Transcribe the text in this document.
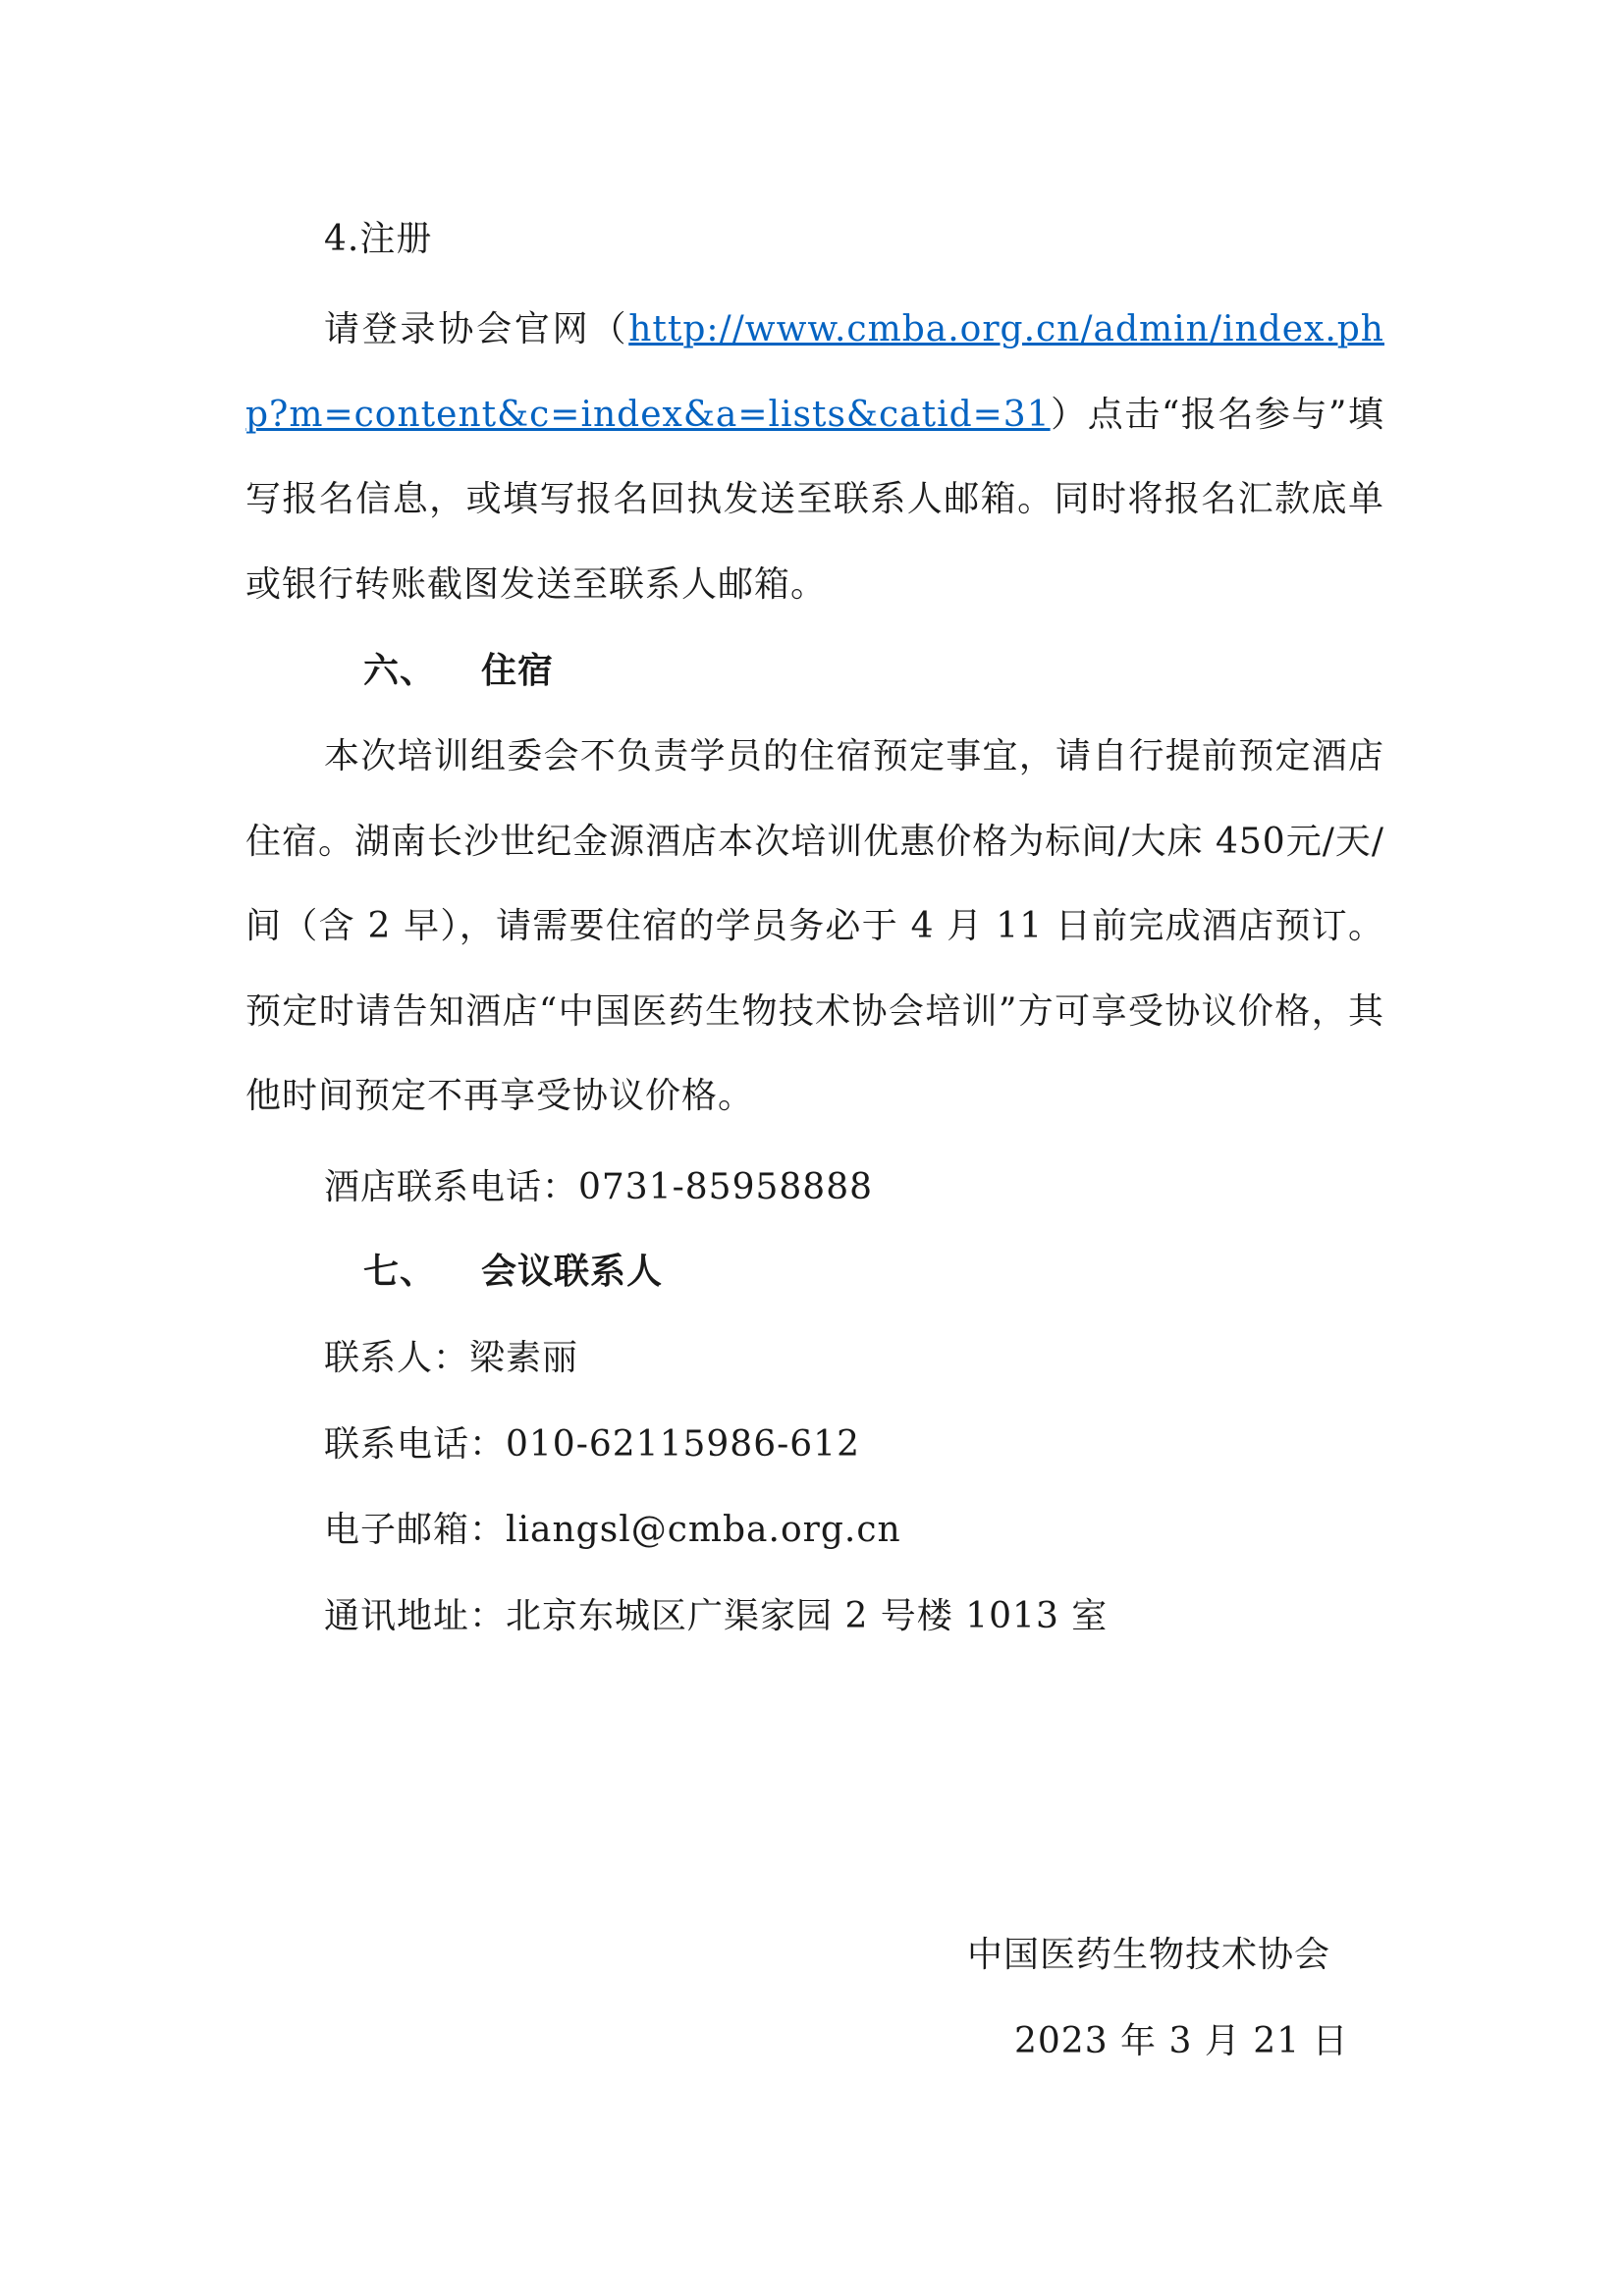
4.注册
请登录协会官网（http://www.cmba.org.cn/admin/index.php?m=content&c=index&a=lists&catid=31）点击“报名参与”填写报名信息，或填写报名回执发送至联系人邮箱。同时将报名汇款底单或银行转账截图发送至联系人邮箱。
六、 住宿
本次培训组委会不负责学员的住宿预定事宜，请自行提前预定酒店住宿。湖南长沙世纪金源酒店本次培训优惠价格为标间/大床 450元/天/间（含 2 早），请需要住宿的学员务必于 4 月 11 日前完成酒店预订。预定时请告知酒店“中国医药生物技术协会培训”方可享受协议价格，其他时间预定不再享受协议价格。
酒店联系电话：0731-85958888
七、 会议联系人
联系人：梁素丽
联系电话：010-62115986-612
电子邮箱：liangsl@cmba.org.cn
通讯地址：北京东城区广渠家园 2 号楼 1013 室
中国医药生物技术协会
2023 年 3 月 21 日
